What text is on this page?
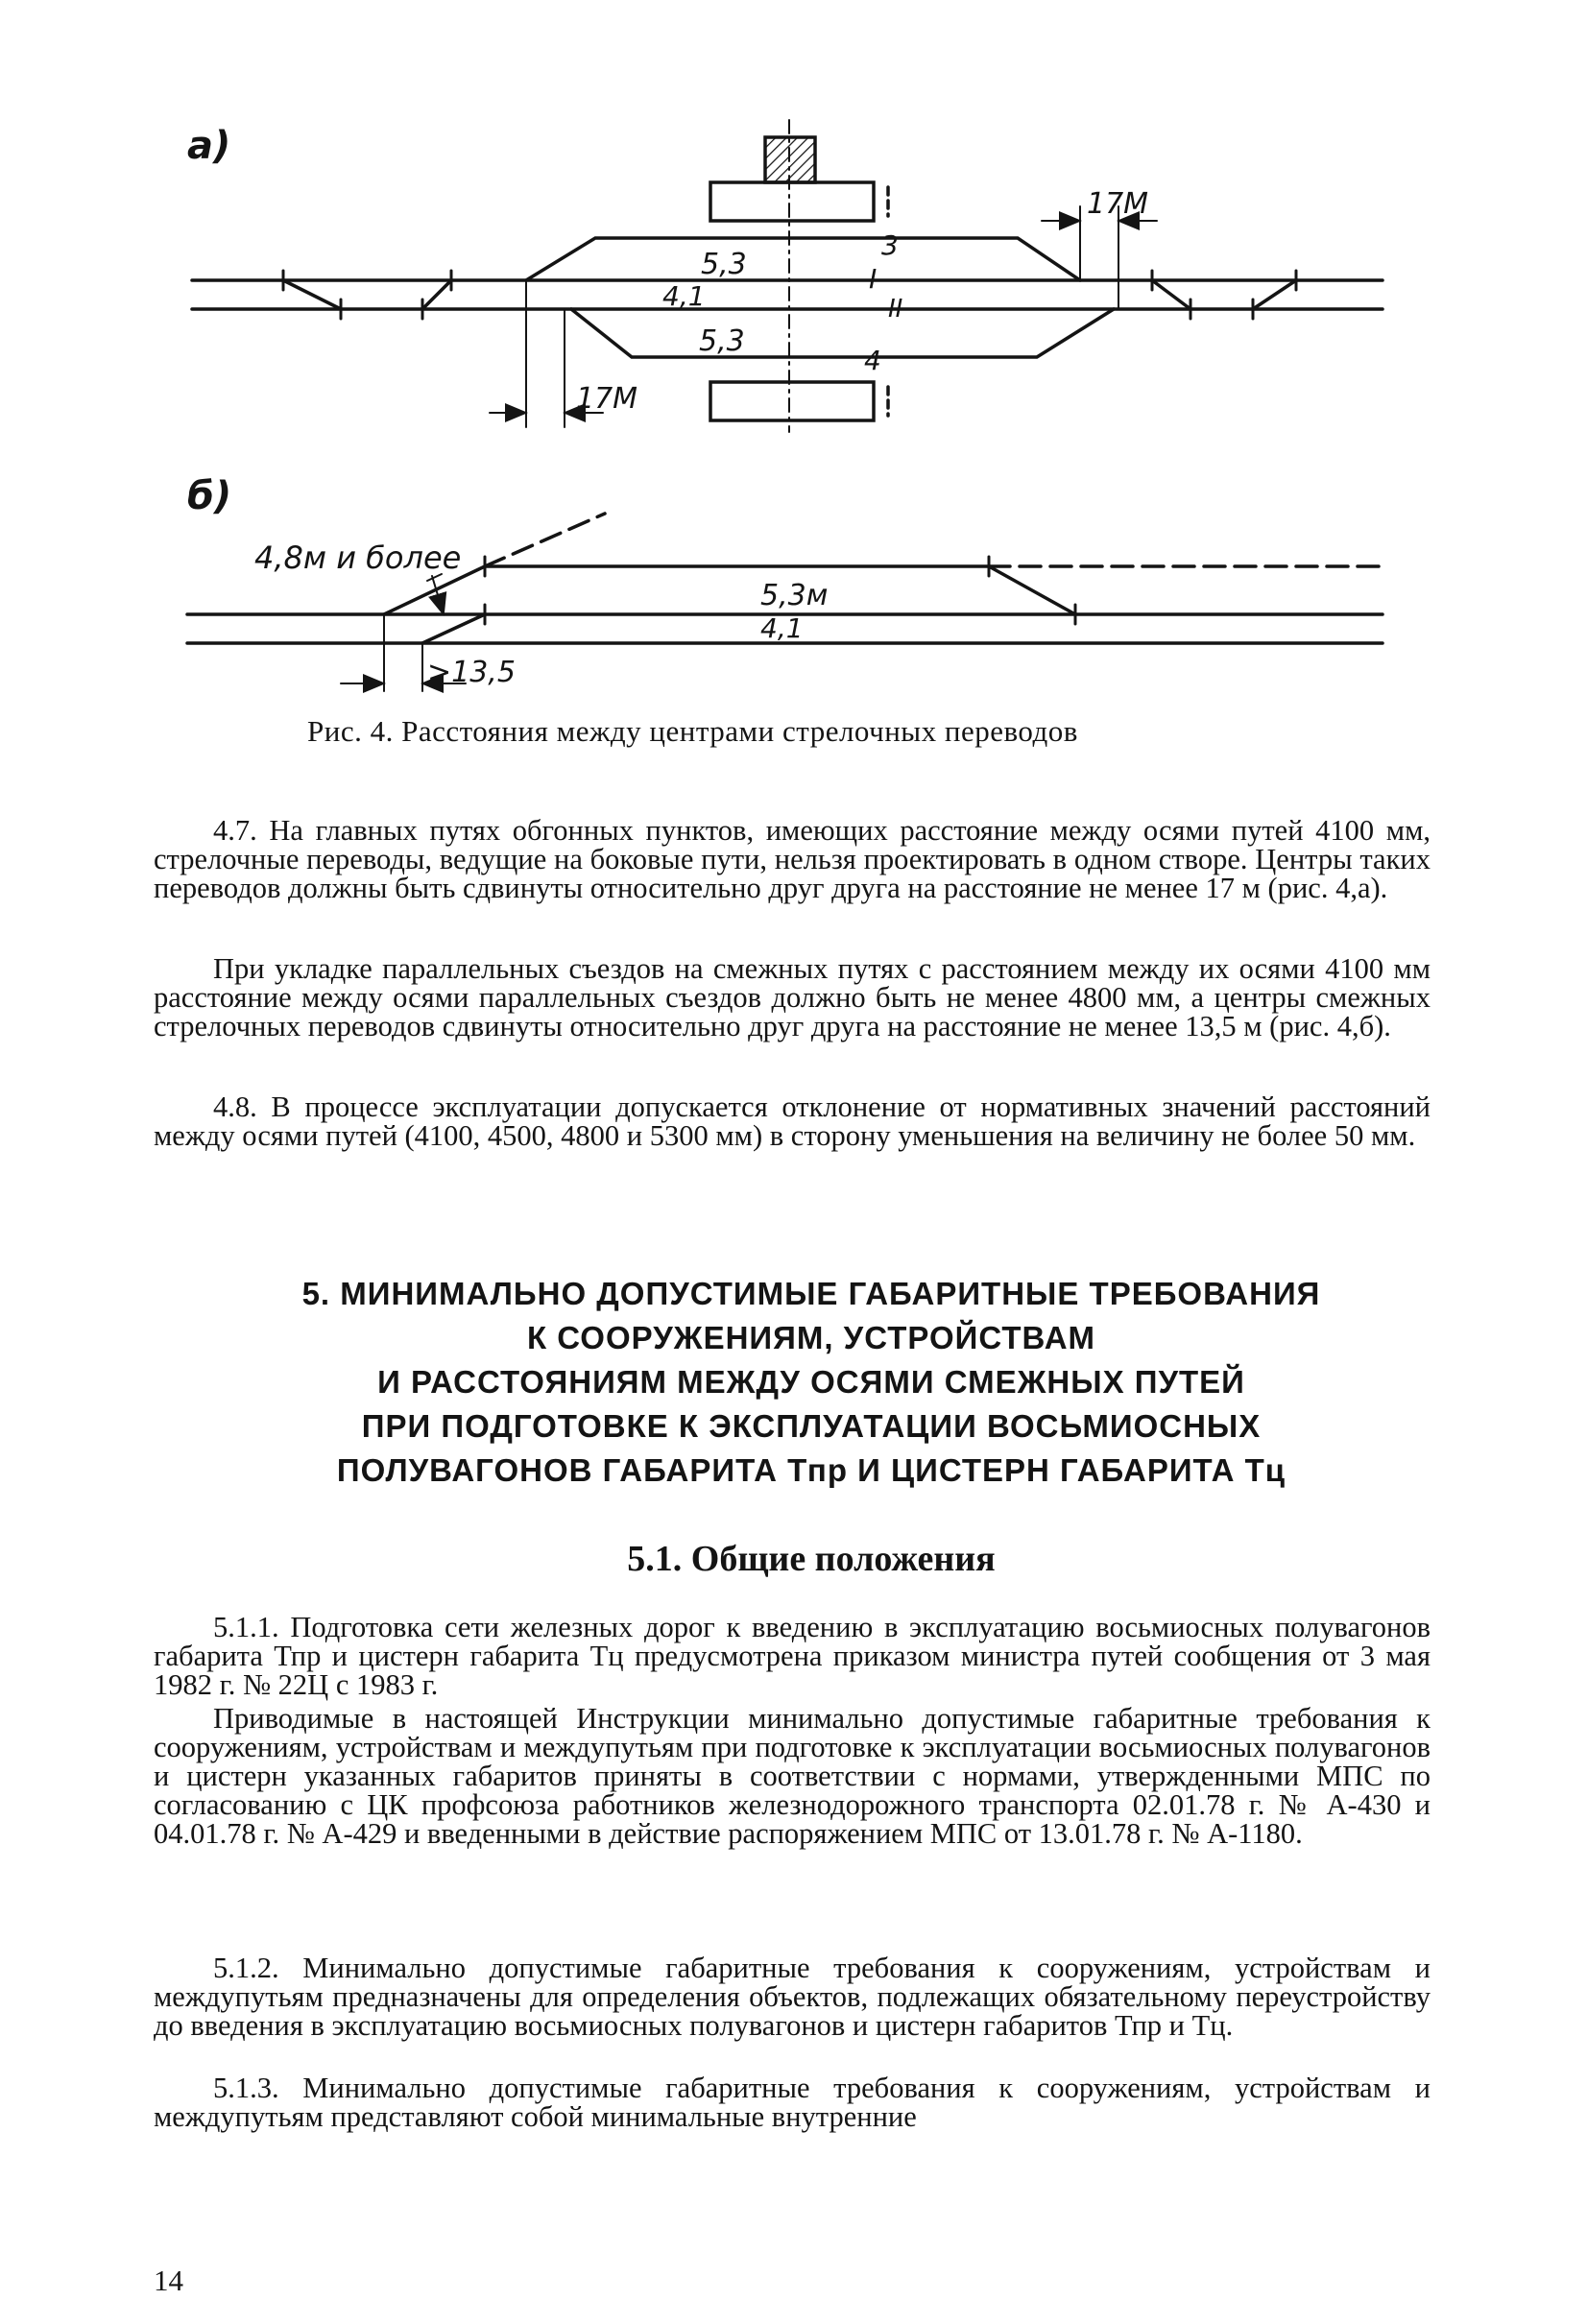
а)
б)
5,3
4,1
5,3
3
I
II
4
17М
17М
4,8м и более
5,3м
4,1
>13,5
Рис. 4. Расстояния между центрами стрелочных переводов

4.7. На главных путях обгонных пунктов, имеющих расстояние между осями путей 4100 мм, стрелочные переводы, ведущие на боковые пути, нельзя проектировать в одном створе. Центры таких переводов должны быть сдвинуты относительно друг друга на расстояние не менее 17 м (рис. 4,а).

При укладке параллельных съездов на смежных путях с расстоянием между их осями 4100 мм расстояние между осями параллельных съездов должно быть не менее 4800 мм, а центры смежных стрелочных переводов сдвинуты относительно друг друга на расстояние не менее 13,5 м (рис. 4,б).

4.8. В процессе эксплуатации допускается отклонение от нормативных значений расстояний между осями путей (4100, 4500, 4800 и 5300 мм) в сторону уменьшения на величину не более 50 мм.

5. МИНИМАЛЬНО ДОПУСТИМЫЕ ГАБАРИТНЫЕ ТРЕБОВАНИЯ
К СООРУЖЕНИЯМ, УСТРОЙСТВАМ
И РАССТОЯНИЯМ МЕЖДУ ОСЯМИ СМЕЖНЫХ ПУТЕЙ
ПРИ ПОДГОТОВКЕ К ЭКСПЛУАТАЦИИ ВОСЬМИОСНЫХ
ПОЛУВАГОНОВ ГАБАРИТА Тпр И ЦИСТЕРН ГАБАРИТА Тц
5.1. Общие положения

5.1.1. Подготовка сети железных дорог к введению в эксплуатацию восьмиосных полувагонов габарита Тпр и цистерн габарита Тц предусмотрена приказом министра путей сообщения от 3 мая 1982 г. № 22Ц с 1983 г.

Приводимые в настоящей Инструкции минимально допустимые габаритные требования к сооружениям, устройствам и междупутьям при подготовке к эксплуатации восьмиосных полувагонов и цистерн указанных габаритов приняты в соответствии с нормами, утвержденными МПС по согласованию с ЦК профсоюза работников железнодорожного транспорта 02.01.78 г. № А-430 и 04.01.78 г. № А-429 и введенными в действие распоряжением МПС от 13.01.78 г. № А-1180.

5.1.2. Минимально допустимые габаритные требования к сооружениям, устройствам и междупутьям предназначены для определения объектов, подлежащих обязательному переустройству до введения в эксплуатацию восьмиосных полувагонов и цистерн габаритов Тпр и Тц.

5.1.3. Минимально допустимые габаритные требования к сооружениям, устройствам и междупутьям представляют собой минимальные внутренние

14
